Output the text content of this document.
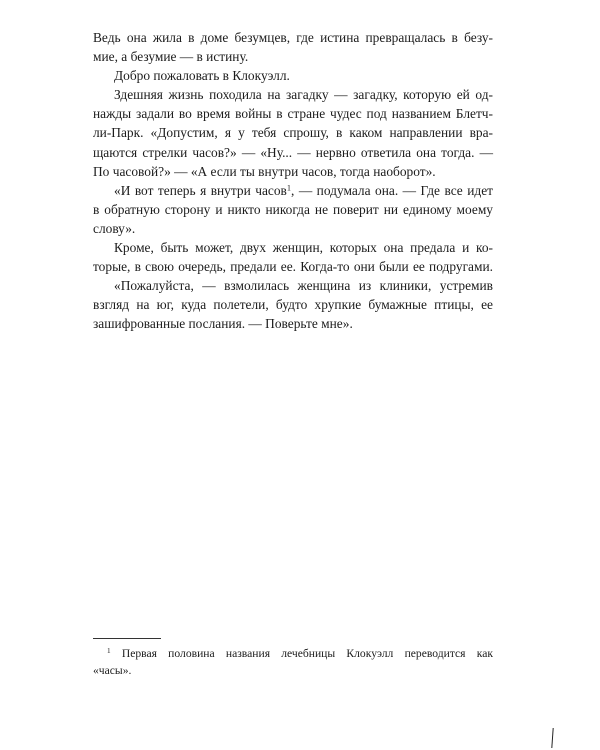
Ведь она жила в доме безумцев, где истина превращалась в безу-
мие, а безумие — в истину.
Добро пожаловать в Клокуэлл.
Здешняя жизнь походила на загадку — загадку, которую ей од-
нажды задали во время войны в стране чудес под названием Блетч-
ли-Парк. «Допустим, я у тебя спрошу, в каком направлении вра-
щаются стрелки часов?» — «Ну... — нервно ответила она тогда. —
По часовой?» — «А если ты внутри часов, тогда наоборот».
«И вот теперь я внутри часов$^1$, — подумала она. — Где все идет
в обратную сторону и никто никогда не поверит ни единому моему
слову».
Кроме, быть может, двух женщин, которых она предала и ко-
торые, в свою очередь, предали ее. Когда-то они были ее подругами.
«Пожалуйста, — взмолилась женщина из клиники, устремив
взгляд на юг, куда полетели, будто хрупкие бумажные птицы, ее
зашифрованные послания. — Поверьте мне».
$^1$ Первая половина названия лечебницы Клокуэлл переводится как
«часы».
